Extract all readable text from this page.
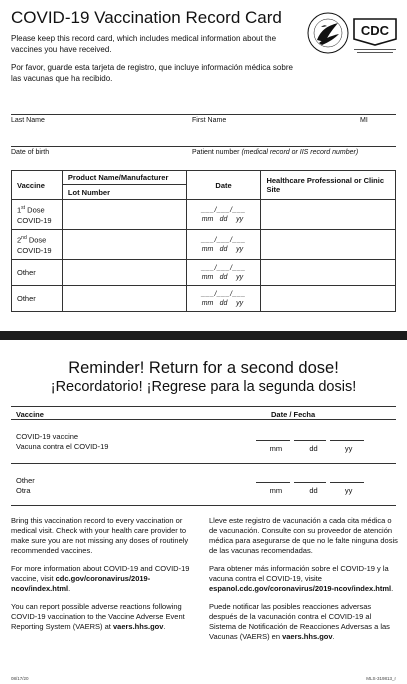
COVID-19 Vaccination Record Card
Please keep this record card, which includes medical information about the vaccines you have received.
Por favor, guarde esta tarjeta de registro, que incluye información médica sobre las vacunas que ha recibido.
CDC
Last Name	First Name	MI
Date of birth	Patient number (medical record or IIS record number)
Vaccine	Product Name/Manufacturer	Date	Healthcare Professional or Clinic Site
	Lot Number		
1st Dose
COVID-19		___/___/___
mm dd yy	
2nd Dose
COVID-19		___/___/___
mm dd yy	
Other		___/___/___
mm dd yy	
Other		___/___/___
mm dd yy	
Reminder! Return for a second dose!
¡Recordatorio! ¡Regrese para la segunda dosis!
Vaccine	Date / Fecha
COVID-19 vaccine
Vacuna contra el COVID-19	mm	dd	yy
Other
Otra	mm	dd	yy

Bring this vaccination record to every vaccination or medical visit. Check with your health care provider to make sure you are not missing any doses of routinely recommended vaccines.

For more information about COVID-19 and COVID-19 vaccine, visit cdc.gov/coronavirus/2019-ncov/index.html.

You can report possible adverse reactions following COVID-19 vaccination to the Vaccine Adverse Event Reporting System (VAERS) at vaers.hhs.gov.

Lleve este registro de vacunación a cada cita médica o de vacunación. Consulte con su proveedor de atención médica para asegurarse de que no le falte ninguna dosis de las vacunas recomendadas.

Para obtener más información sobre el COVID-19 y la vacuna contra el COVID-19, visite espanol.cdc.gov/coronavirus/2019-ncov/index.html.

Puede notificar las posibles reacciones adversas después de la vacunación contra el COVID-19 al Sistema de Notificación de Reacciones Adversas a las Vacunas (VAERS) en vaers.hhs.gov.

08/17/20	MLS-319813_r
